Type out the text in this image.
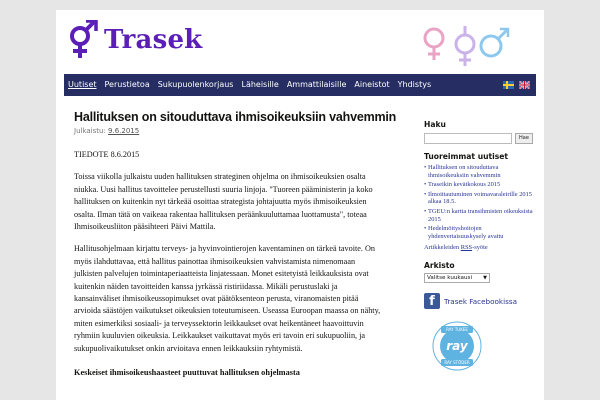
Trasek
Uutiset	Perustietoa	Sukupuolenkorjaus	Läheisille	Ammattilaisille	Aineistot	Yhdistys
Hallituksen on sitouduttava ihmisoikeuksiin vahvemmin
Julkaistu: 9.6.2015

TIEDOTE 8.6.2015

Toissa viikolla julkaistu uuden hallituksen strateginen ohjelma on ihmisoikeuksien osalta niukka. Uusi hallitus tavoittelee perustellusti suuria linjoja. "Tuoreen pääministerin ja koko hallituksen on kuitenkin nyt tärkeää osoittaa strategista johtajuutta myös ihmisoikeuksien osalta. Ilman tätä on vaikeaa rakentaa hallituksen peräänkuuluttamaa luottamusta", toteaa Ihmisoikeusliiton pääsihteeri Päivi Mattila.

Hallitusohjelmaan kirjattu terveys- ja hyvinvointierojen kaventaminen on tärkeä tavoite. On myös ilahduttavaa, että hallitus painottaa ihmisoikeuksien vahvistamista nimenomaan julkisten palvelujen toimintaperiaatteista linjatessaan. Monet esitetyistä leikkauksista ovat kuitenkin näiden tavoitteiden kanssa jyrkässä ristiriidassa. Mikäli perustuslaki ja kansainväliset ihmisoikeussopimukset ovat päätöksenteon perusta, viranomaisten pitää arvioida säästöjen vaikutukset oikeuksien toteutumiseen. Useassa Euroopan maassa on nähty, miten esimerkiksi sosiaali- ja terveyssektorin leikkaukset ovat heikentäneet haavoittuvin ryhmiin kuuluvien oikeuksia. Leikkaukset vaikuttavat myös eri tavoin eri sukupuoliin, ja sukupuolivaikutukset onkin arvioitava ennen leikkauksiin ryhtymistä.

Keskeiset ihmisoikeushaasteet puuttuvat hallituksen ohjelmasta

Haku
Hae
Tuoreimmat uutiset
• Hallituksen on sitouduttava ihmisoikeuksiin vahvemmin
• Traseikin kevätkokous 2015
• Ilmoittautuminen voimavaraleirille 2015 alkaa 18.5.
• TGEU:n kartta transihmisten oikeuksista 2015
• Hedelmöityshoitojen yhdenvertaisuuskysely avattu
Artikkeleiden RSS-syöte
Arkisto
Valitse kuukausi ▼
f	Trasek Facebookissa
RAY TUKEE
ray
RAY STÖDER
